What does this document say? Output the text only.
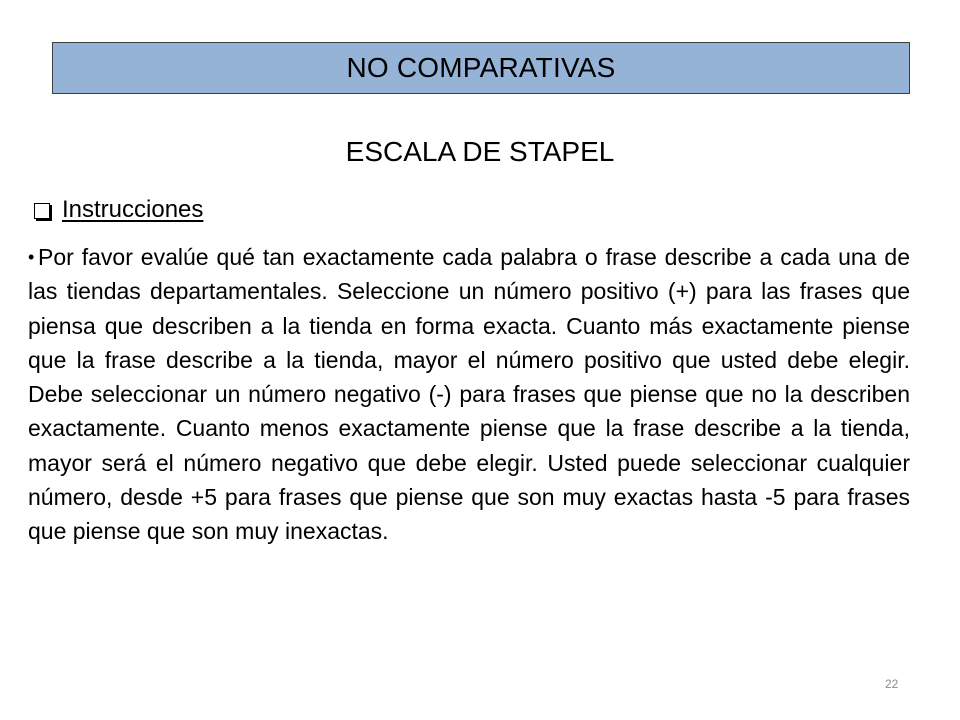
NO COMPARATIVAS
ESCALA DE STAPEL
Instrucciones
• Por favor evalúe qué tan exactamente cada palabra o frase describe a cada una de las tiendas departamentales. Seleccione un número positivo (+) para las frases que piensa que describen a la tienda en forma exacta. Cuanto más exactamente piense que la frase describe a la tienda, mayor el número positivo que usted debe elegir. Debe seleccionar un número negativo (-) para frases que piense que no la describen exactamente. Cuanto menos exactamente piense que la frase describe a la tienda, mayor será el número negativo que debe elegir. Usted puede seleccionar cualquier número, desde +5 para frases que piense que son muy exactas hasta -5 para frases que piense que son muy inexactas.
22
